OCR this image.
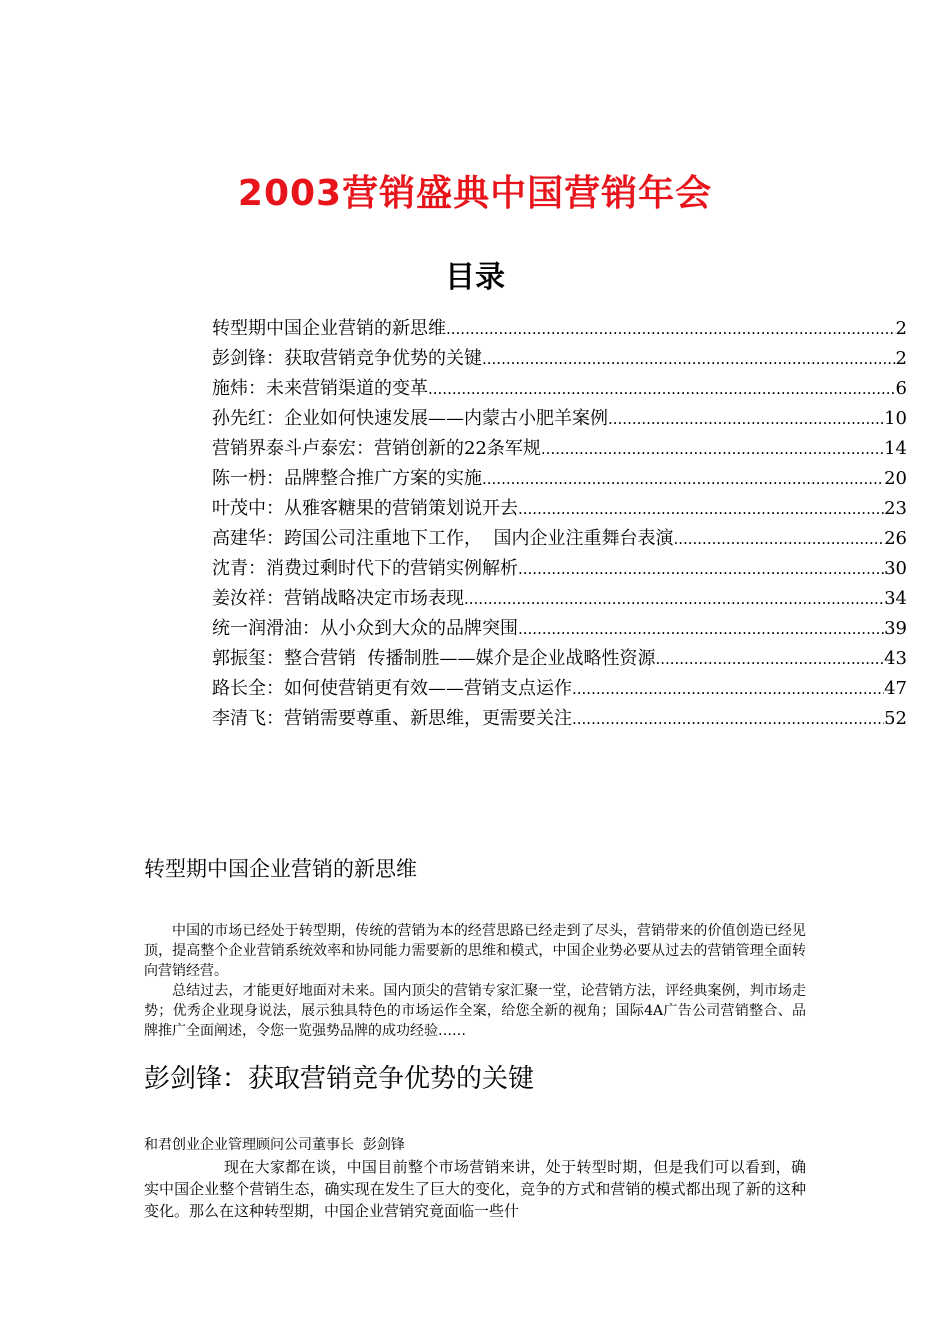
2003营销盛典中国营销年会
目录
转型期中国企业营销的新思维 .....	2
彭剑锋：获取营销竞争优势的关键 .....	2
施炜：未来营销渠道的变革 .....	6
孙先红：企业如何快速发展——内蒙古小肥羊案例 .....	10
营销界泰斗卢泰宏：营销创新的22条军规 .....	14
陈一枬：品牌整合推广方案的实施 .....	20
叶茂中：从雅客糖果的营销策划说开去 .....	23
高建华：跨国公司注重地下工作，  国内企业注重舞台表演 .....	26
沈青：消费过剩时代下的营销实例解析 .....	30
姜汝祥：营销战略决定市场表现 .....	34
统一润滑油：从小众到大众的品牌突围 .....	39
郭振玺：整合营销  传播制胜——媒介是企业战略性资源 .....	43
路长全：如何使营销更有效——营销支点运作 .....	47
李清飞：营销需要尊重、新思维，更需要关注 .....	52
转型期中国企业营销的新思维

中国的市场已经处于转型期，传统的营销为本的经营思路已经走到了尽头，营销带来的价值创造已经见顶，提高整个企业营销系统效率和协同能力需要新的思维和模式，中国企业势必要从过去的营销管理全面转向营销经营。

总结过去，才能更好地面对未来。国内顶尖的营销专家汇聚一堂，论营销方法，评经典案例，判市场走势；优秀企业现身说法，展示独具特色的市场运作全案，给您全新的视角；国际4A广告公司营销整合、品牌推广全面阐述，令您一览强势品牌的成功经验……

彭剑锋：获取营销竞争优势的关键
和君创业企业管理顾问公司董事长  彭剑锋

现在大家都在谈，中国目前整个市场营销来讲，处于转型时期，但是我们可以看到，确实中国企业整个营销生态，确实现在发生了巨大的变化，竞争的方式和营销的模式都出现了新的这种变化。那么在这种转型期，中国企业营销究竟面临一些什
